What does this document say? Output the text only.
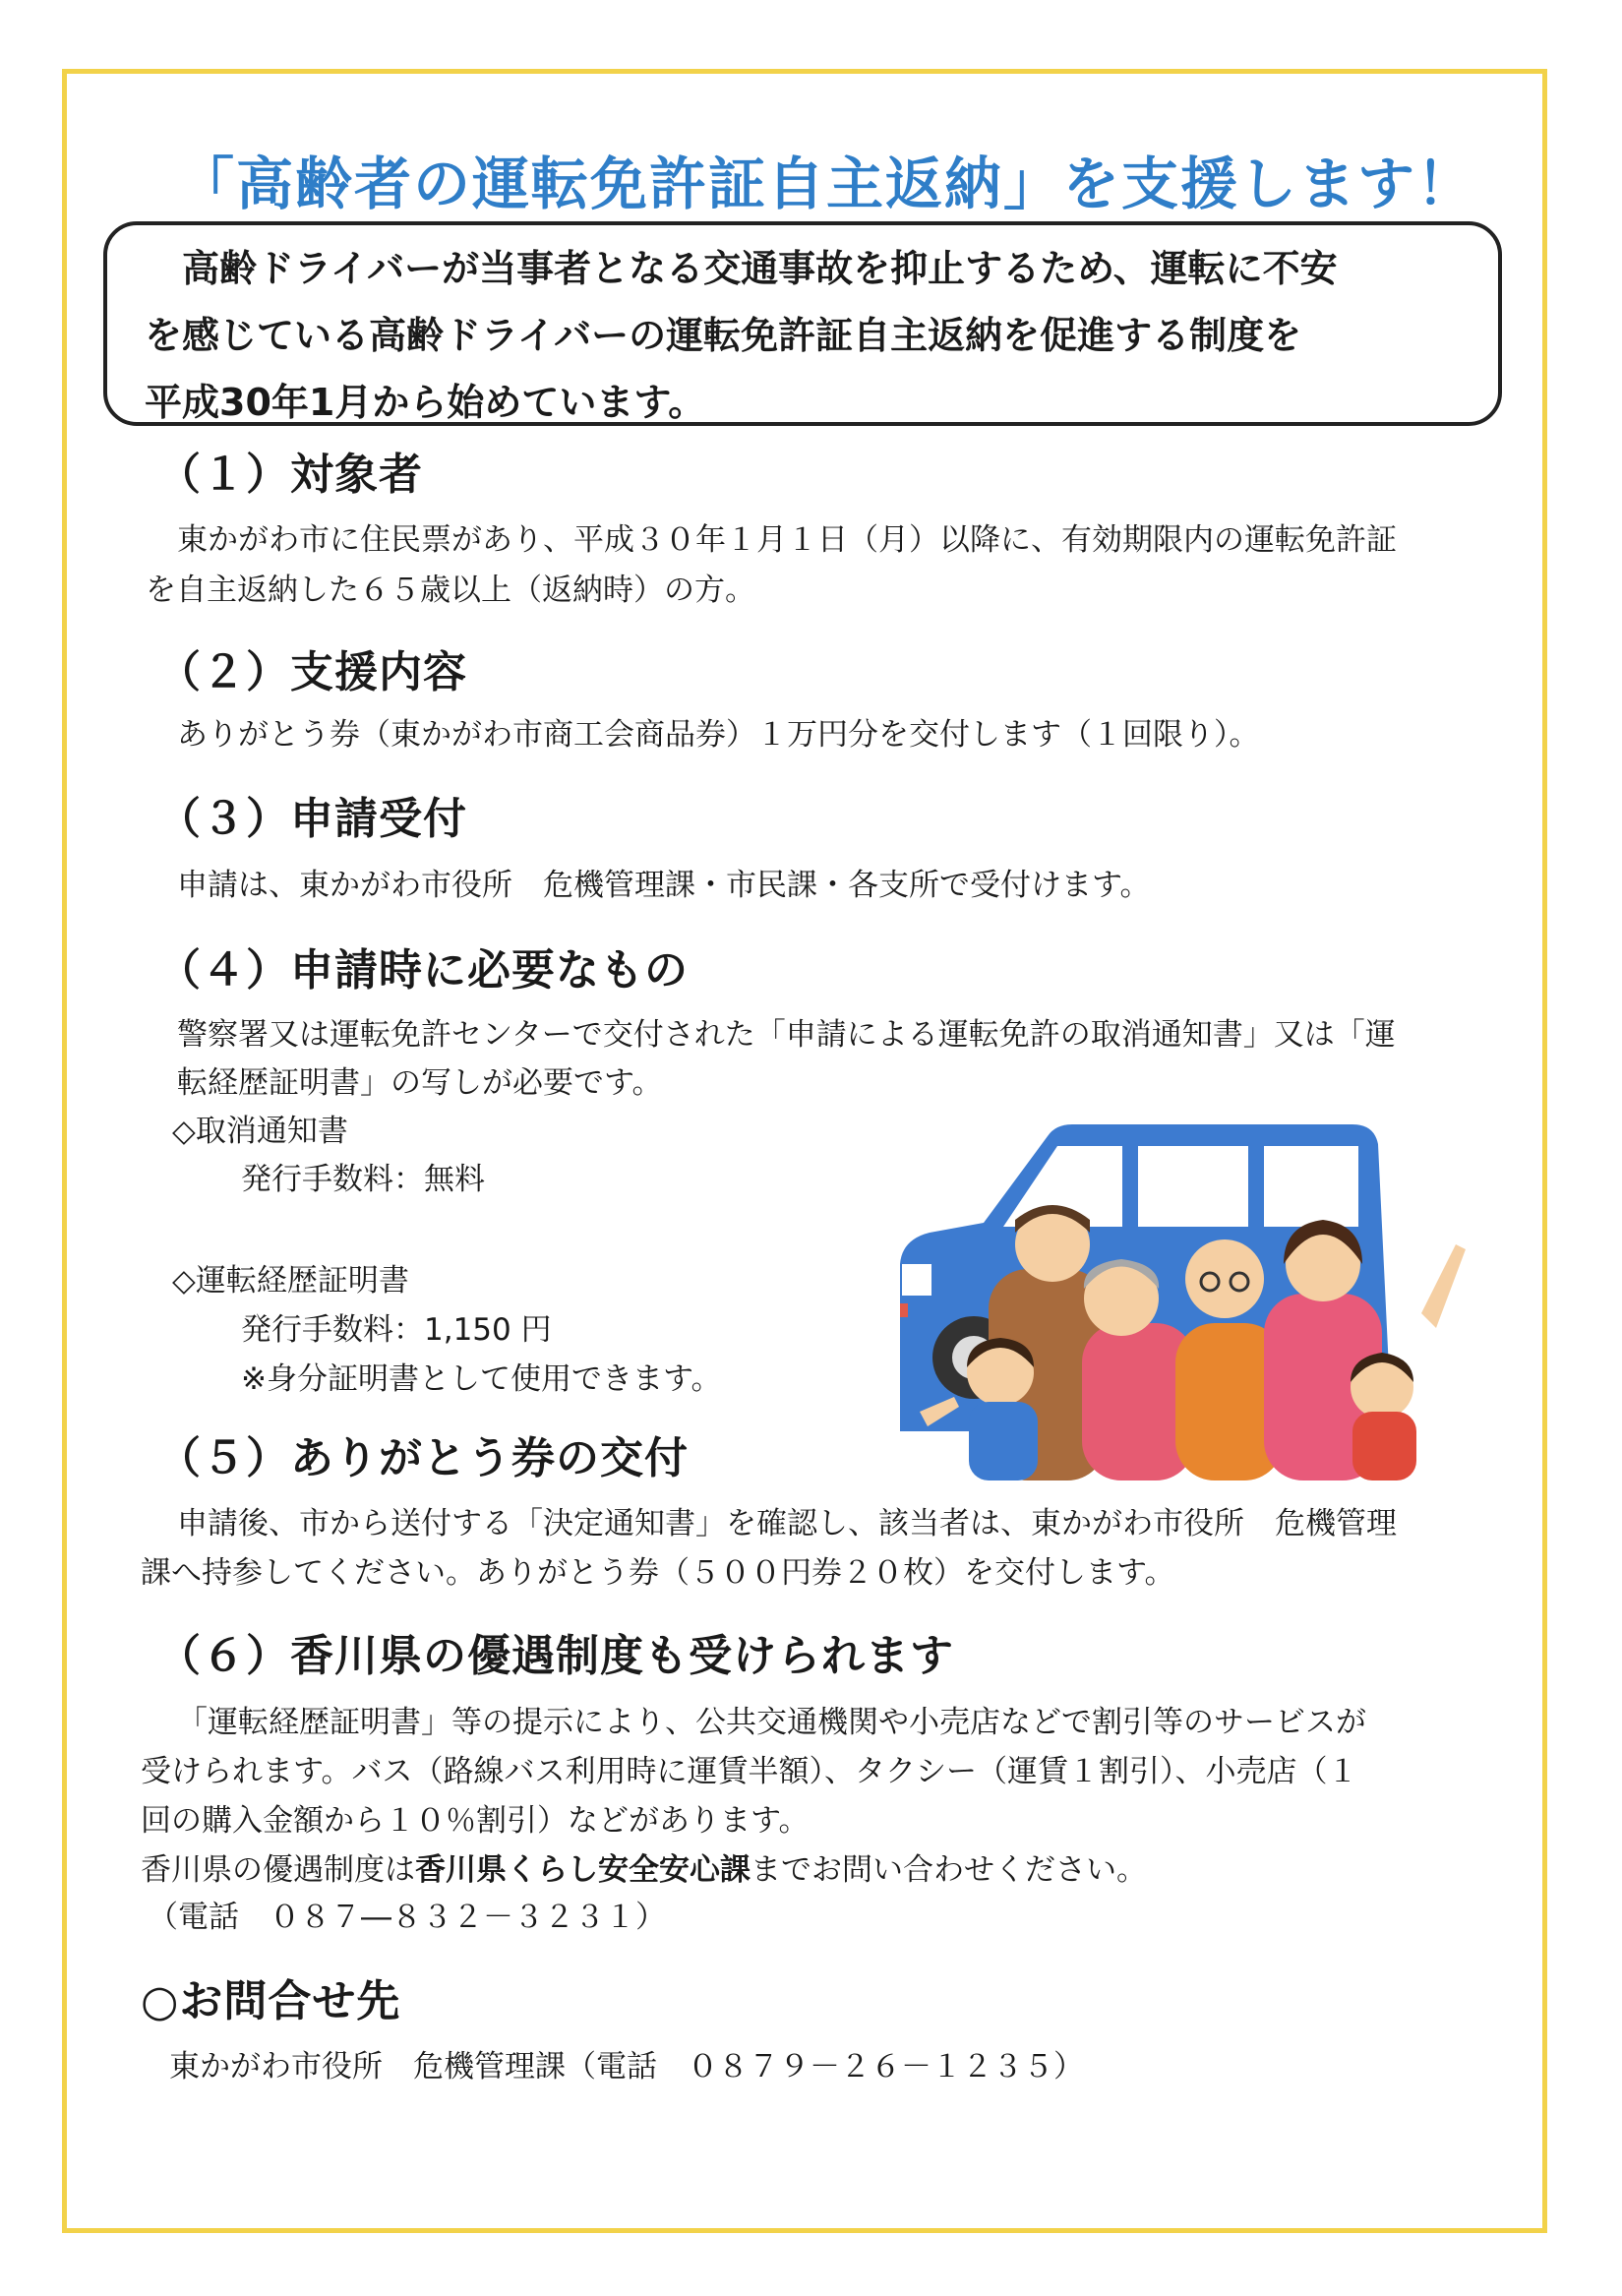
「高齢者の運転免許証自主返納」を支援します！
高齢ドライバーが当事者となる交通事故を抑止するため、運転に不安
を感じている高齢ドライバーの運転免許証自主返納を促進する制度を
平成30年1月から始めています。
（１）対象者
東かがわ市に住民票があり、平成３０年１月１日（月）以降に、有効期限内の運転免許証
を自主返納した６５歳以上（返納時）の方。
（２）支援内容
ありがとう券（東かがわ市商工会商品券）１万円分を交付します（１回限り）。
（３）申請受付
申請は、東かがわ市役所　危機管理課・市民課・各支所で受付けます。
（４）申請時に必要なもの
警察署又は運転免許センターで交付された「申請による運転免許の取消通知書」又は「運
転経歴証明書」の写しが必要です。
◇取消通知書
発行手数料：無料
◇運転経歴証明書
発行手数料：1,150 円
※身分証明書として使用できます。
（５）ありがとう券の交付
申請後、市から送付する「決定通知書」を確認し、該当者は、東かがわ市役所　危機管理
課へ持参してください。ありがとう券（５００円券２０枚）を交付します。
（６）香川県の優遇制度も受けられます
「運転経歴証明書」等の提示により、公共交通機関や小売店などで割引等のサービスが
受けられます。バス（路線バス利用時に運賃半額）、タクシー（運賃１割引）、小売店（１
回の購入金額から１０％割引）などがあります。
香川県の優遇制度は香川県くらし安全安心課までお問い合わせください。
（電話　０８７―８３２－３２３１）
○お問合せ先
東かがわ市役所　危機管理課（電話　０８７９－２６－１２３５）
